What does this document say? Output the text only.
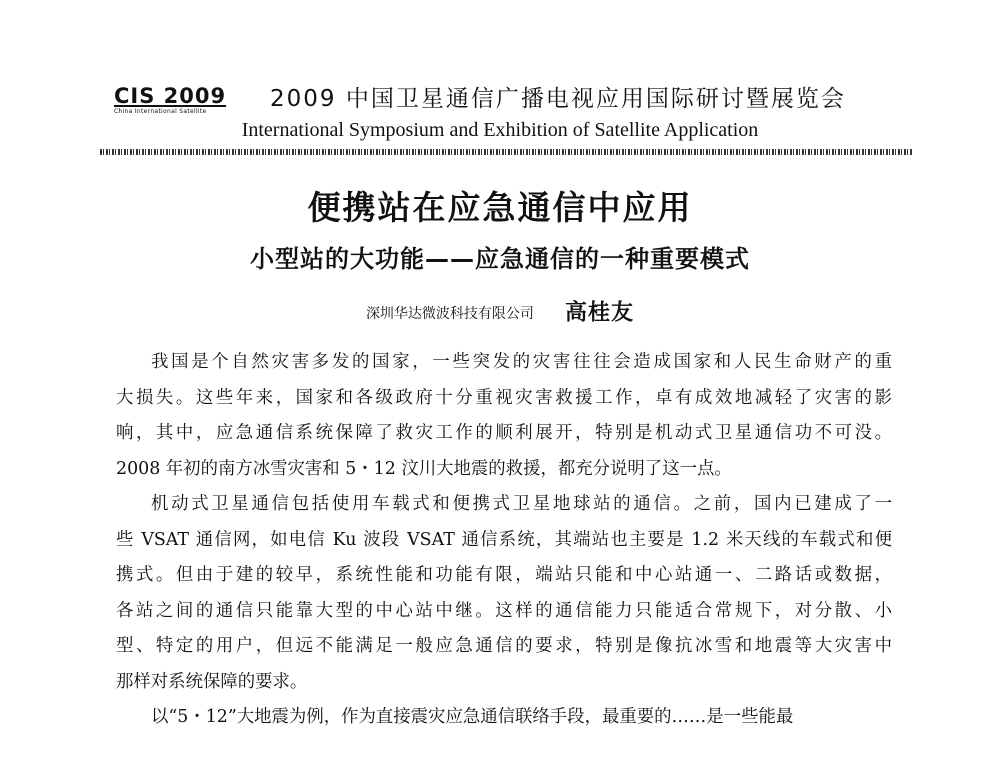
CIS 2009
China International Satellite	2009 中国卫星通信广播电视应用国际研讨暨展览会
International Symposium and Exhibition of Satellite Application
便携站在应急通信中应用
小型站的大功能——应急通信的一种重要模式
深圳华达微波科技有限公司 高桂友
我国是个自然灾害多发的国家，一些突发的灾害往往会造成国家和人民生命财产的重
大损失。这些年来，国家和各级政府十分重视灾害救援工作，卓有成效地减轻了灾害的影
响，其中，应急通信系统保障了救灾工作的顺利展开，特别是机动式卫星通信功不可没。
2008 年初的南方冰雪灾害和 5・12 汶川大地震的救援，都充分说明了这一点。
机动式卫星通信包括使用车载式和便携式卫星地球站的通信。之前，国内已建成了一
些 VSAT 通信网，如电信 Ku 波段 VSAT 通信系统，其端站也主要是 1.2 米天线的车载式和便
携式。但由于建的较早，系统性能和功能有限，端站只能和中心站通一、二路话或数据，
各站之间的通信只能靠大型的中心站中继。这样的通信能力只能适合常规下，对分散、小
型、特定的用户，但远不能满足一般应急通信的要求，特别是像抗冰雪和地震等大灾害中
那样对系统保障的要求。
以“5・12”大地震为例，作为直接震灾应急通信联络手段，最重要的……是一些能最
